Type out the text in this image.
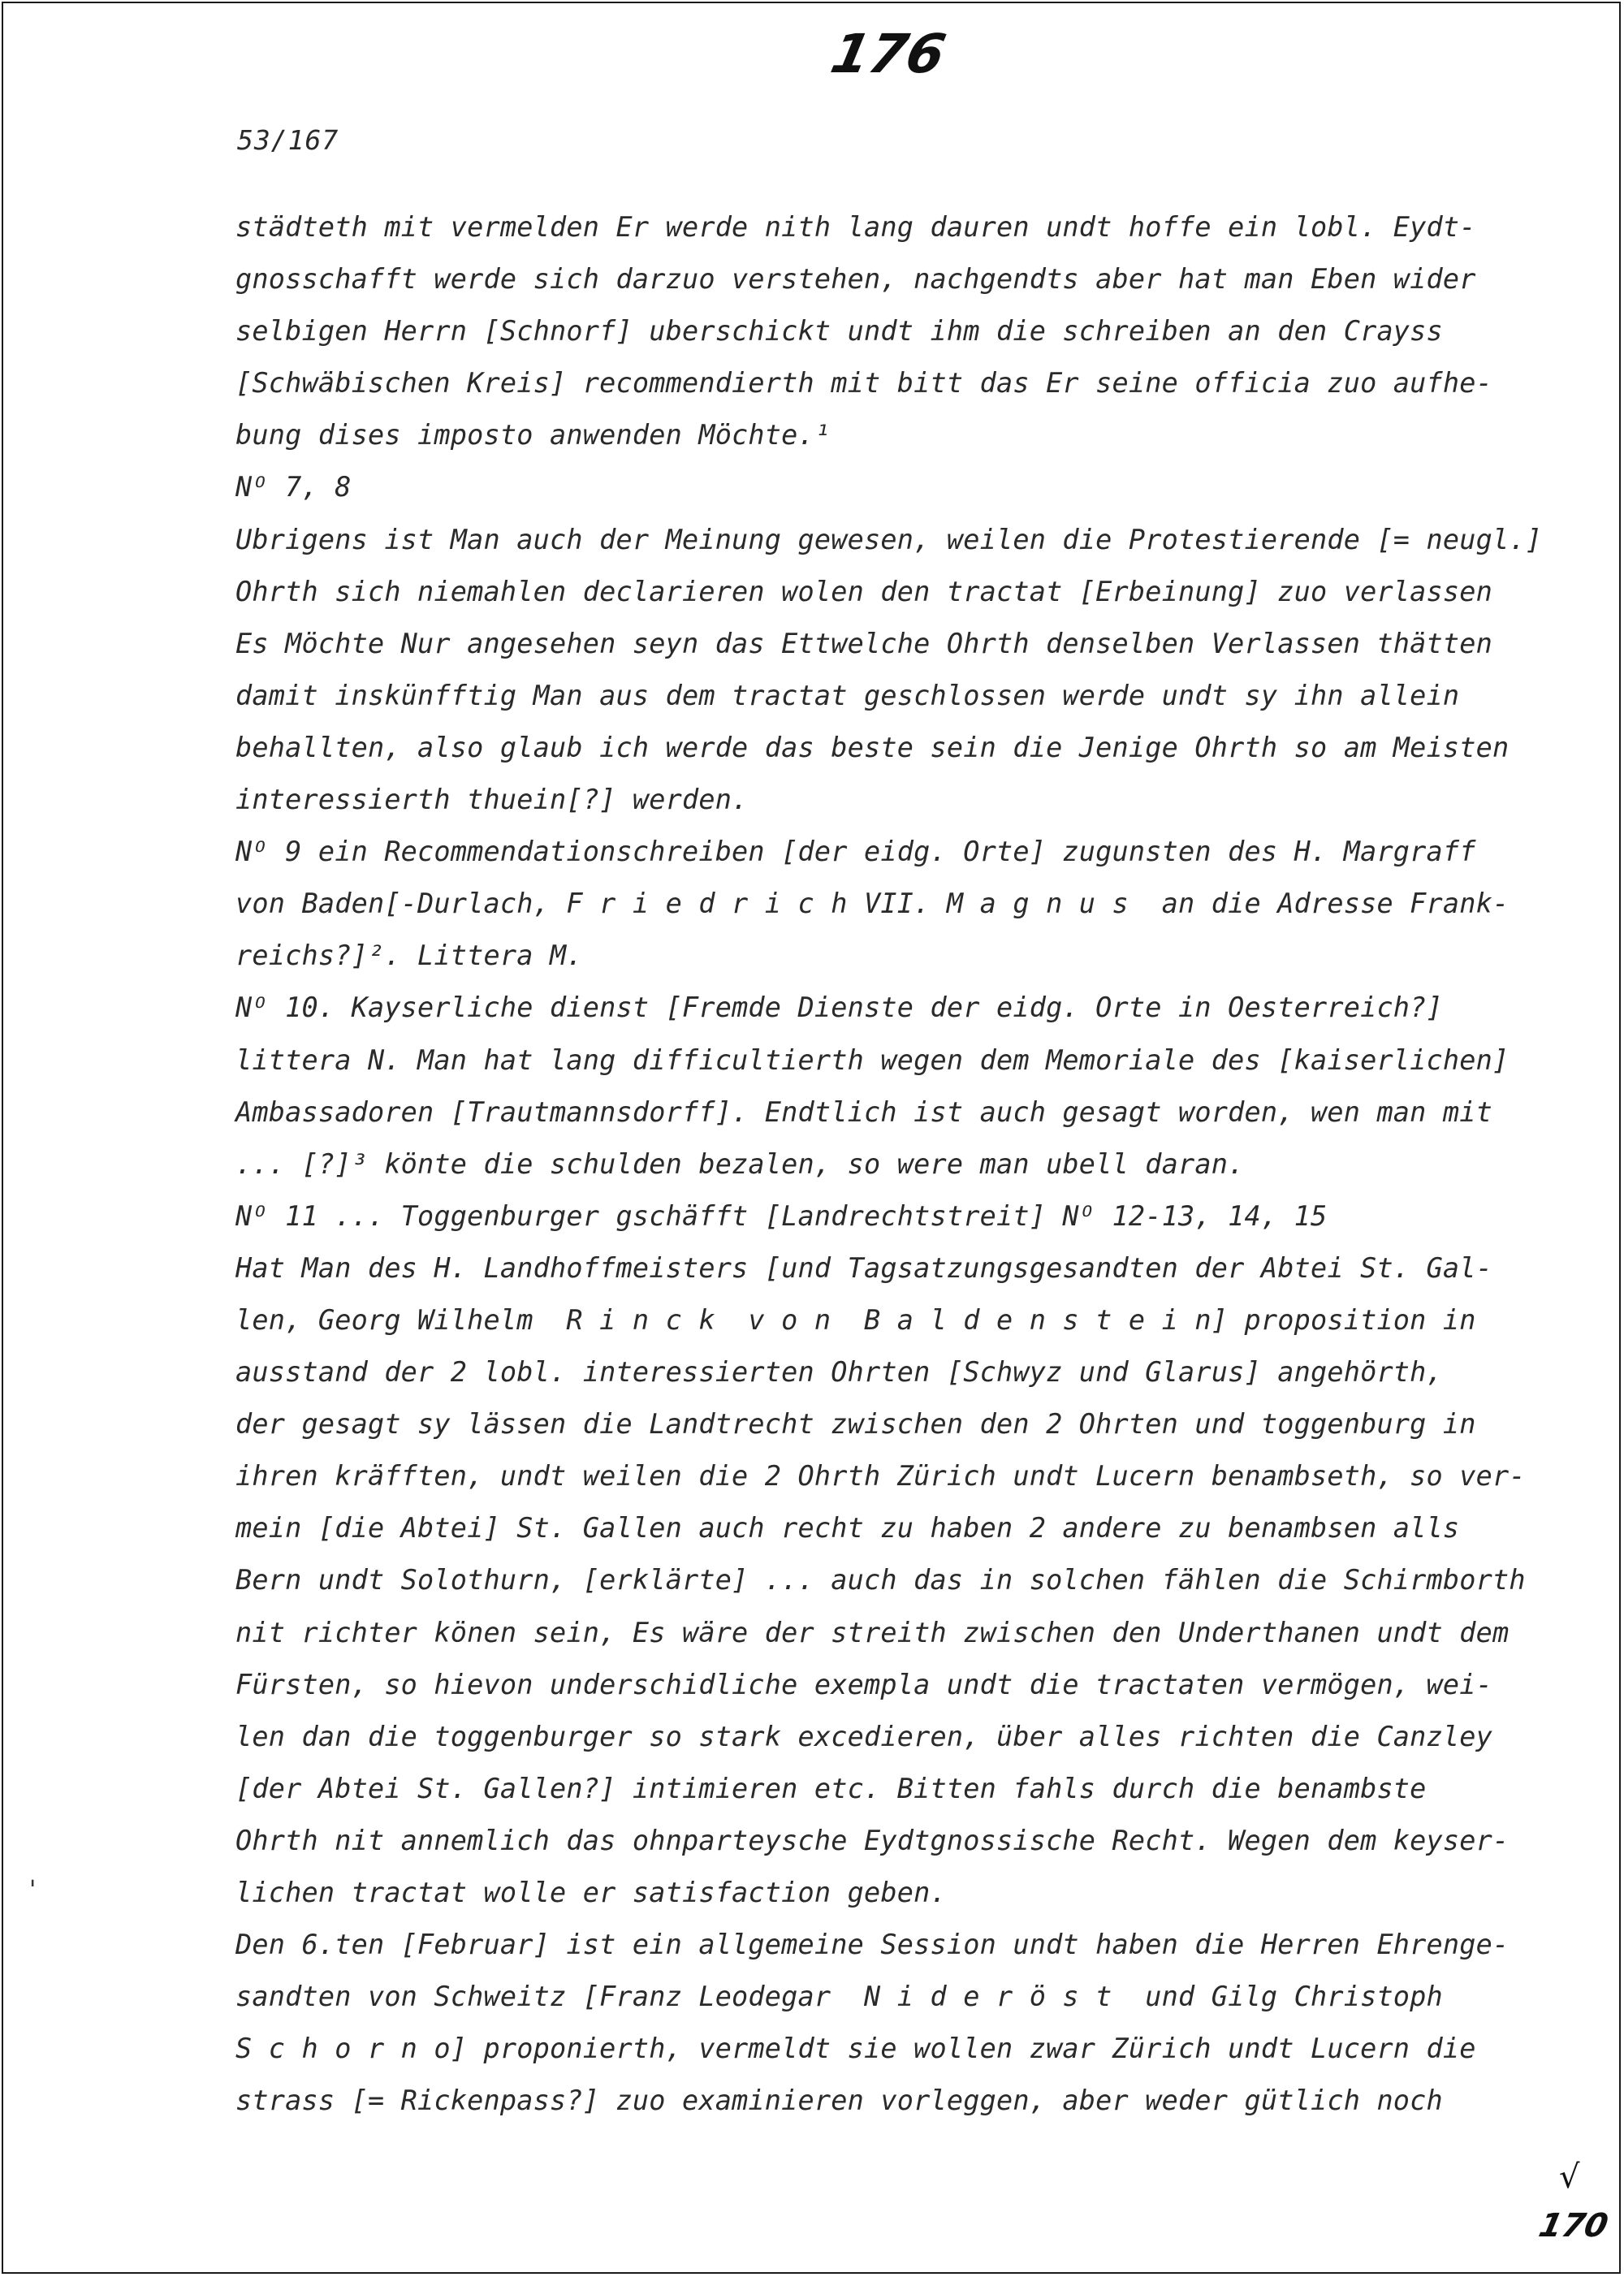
176
53/167
städteth mit vermelden Er werde nith lang dauren undt hoffe ein lobl. Eydt-
gnosschafft werde sich darzuo verstehen, nachgendts aber hat man Eben wider
selbigen Herrn [Schnorf] uberschickt undt ihm die schreiben an den Crayss
[Schwäbischen Kreis] recommendierth mit bitt das Er seine officia zuo aufhe-
bung dises imposto anwenden Möchte.¹
Nᴼ 7, 8
Ubrigens ist Man auch der Meinung gewesen, weilen die Protestierende [= neugl.]
Ohrth sich niemahlen declarieren wolen den tractat [Erbeinung] zuo verlassen
Es Möchte Nur angesehen seyn das Ettwelche Ohrth denselben Verlassen thätten
damit inskünfftig Man aus dem tractat geschlossen werde undt sy ihn allein
behallten, also glaub ich werde das beste sein die Jenige Ohrth so am Meisten
interessierth thuein[?] werden.
Nᴼ 9 ein Recommendationschreiben [der eidg. Orte] zugunsten des H. Margraff
von Baden[-Durlach, F r i e d r i c h VII. M a g n u s  an die Adresse Frank-
reichs?]². Littera M.
Nᴼ 10. Kayserliche dienst [Fremde Dienste der eidg. Orte in Oesterreich?]
littera N. Man hat lang difficultierth wegen dem Memoriale des [kaiserlichen]
Ambassadoren [Trautmannsdorff]. Endtlich ist auch gesagt worden, wen man mit
... [?]³ könte die schulden bezalen, so were man ubell daran.
Nᴼ 11 ... Toggenburger gschäfft [Landrechtstreit] Nᴼ 12-13, 14, 15
Hat Man des H. Landhoffmeisters [und Tagsatzungsgesandten der Abtei St. Gal-
len, Georg Wilhelm  R i n c k  v o n  B a l d e n s t e i n] proposition in
ausstand der 2 lobl. interessierten Ohrten [Schwyz und Glarus] angehörth,
der gesagt sy lässen die Landtrecht zwischen den 2 Ohrten und toggenburg in
ihren kräfften, undt weilen die 2 Ohrth Zürich undt Lucern benambseth, so ver-
mein [die Abtei] St. Gallen auch recht zu haben 2 andere zu benambsen alls
Bern undt Solothurn, [erklärte] ... auch das in solchen fählen die Schirmborth
nit richter könen sein, Es wäre der streith zwischen den Underthanen undt dem
Fürsten, so hievon underschidliche exempla undt die tractaten vermögen, wei-
len dan die toggenburger so stark excedieren, über alles richten die Canzley
[der Abtei St. Gallen?] intimieren etc. Bitten fahls durch die benambste
Ohrth nit annemlich das ohnparteysche Eydtgnossische Recht. Wegen dem keyser-
lichen tractat wolle er satisfaction geben.
Den 6.ten [Februar] ist ein allgemeine Session undt haben die Herren Ehrenge-
sandten von Schweitz [Franz Leodegar  N i d e r ö s t  und Gilg Christoph
S c h o r n o] proponierth, vermeldt sie wollen zwar Zürich undt Lucern die
strass [= Rickenpass?] zuo examinieren vorleggen, aber weder gütlich noch
'
√
170
